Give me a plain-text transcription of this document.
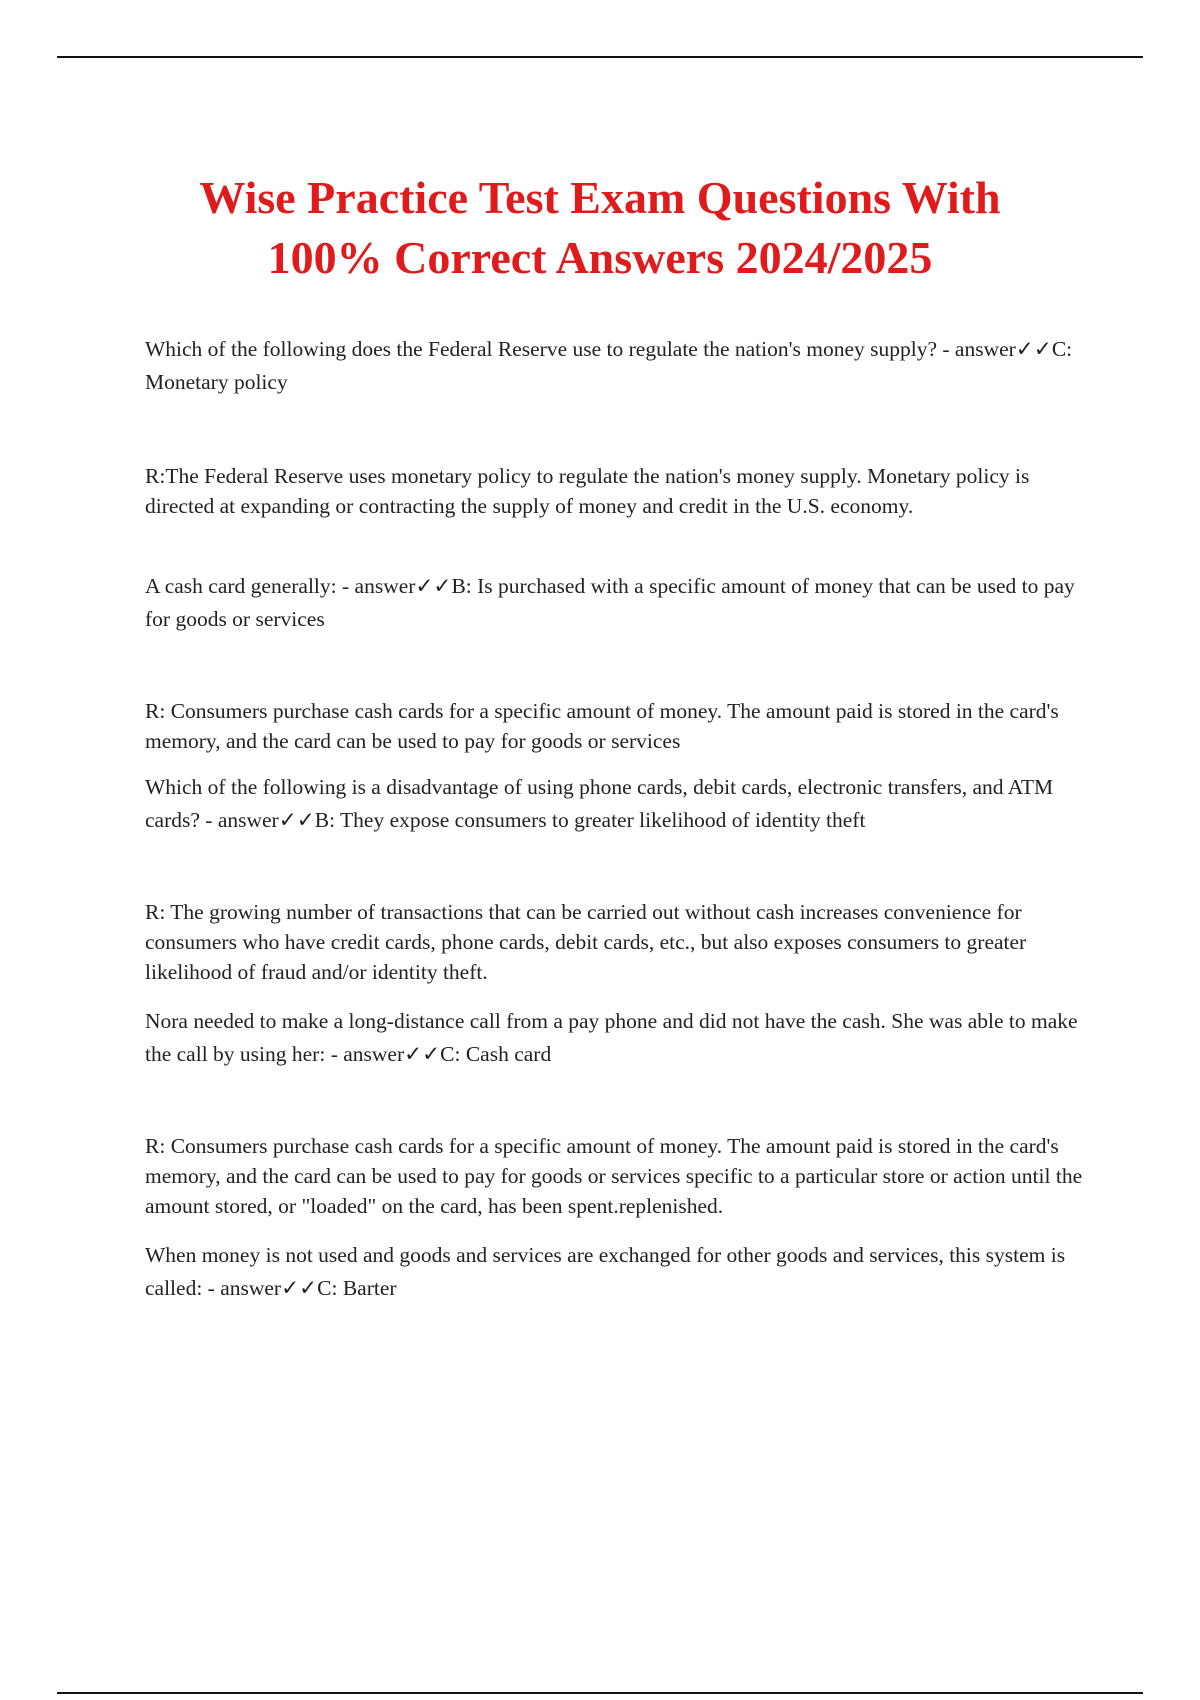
Wise Practice Test Exam Questions With
100% Correct Answers 2024/2025

Which of the following does the Federal Reserve use to regulate the nation's money supply? - answer✓✓C: Monetary policy

R:The Federal Reserve uses monetary policy to regulate the nation's money supply. Monetary policy is directed at expanding or contracting the supply of money and credit in the U.S. economy.

A cash card generally: - answer✓✓B: Is purchased with a specific amount of money that can be used to pay for goods or services

R: Consumers purchase cash cards for a specific amount of money. The amount paid is stored in the card's memory, and the card can be used to pay for goods or services

Which of the following is a disadvantage of using phone cards, debit cards, electronic transfers, and ATM cards? - answer✓✓B: They expose consumers to greater likelihood of identity theft

R: The growing number of transactions that can be carried out without cash increases convenience for consumers who have credit cards, phone cards, debit cards, etc., but also exposes consumers to greater likelihood of fraud and/or identity theft.

Nora needed to make a long-distance call from a pay phone and did not have the cash. She was able to make the call by using her: - answer✓✓C: Cash card

R: Consumers purchase cash cards for a specific amount of money. The amount paid is stored in the card's memory, and the card can be used to pay for goods or services specific to a particular store or action until the amount stored, or "loaded" on the card, has been spent.replenished.

When money is not used and goods and services are exchanged for other goods and services, this system is called: - answer✓✓C: Barter
